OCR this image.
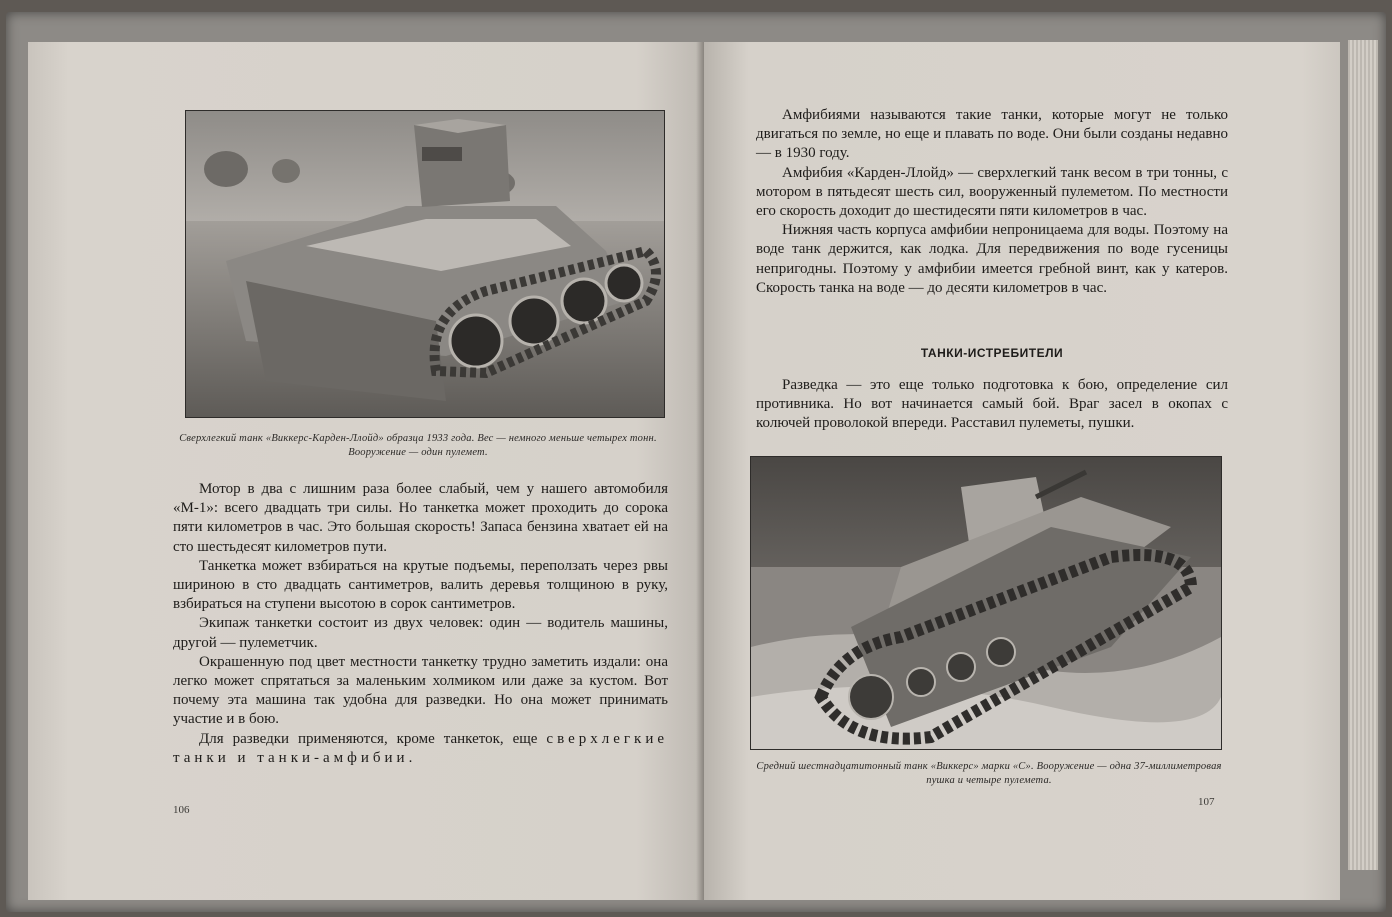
Сверхлегкий танк «Виккерс-Карден-Ллойд» образца 1933 года. Вес — немного меньше четырех тонн. Вооружение — один пулемет.

Мотор в два с лишним раза более слабый, чем у нашего автомобиля «М-1»: всего двадцать три силы. Но танкетка может проходить до сорока пяти километров в час. Это большая скорость! Запаса бензина хватает ей на сто шестьдесят километров пути.

Танкетка может взбираться на крутые подъемы, переползать через рвы шириною в сто двадцать сантиметров, валить деревья толщиною в руку, взбираться на ступени высотою в сорок сантиметров.

Экипаж танкетки состоит из двух человек: один — водитель машины, другой — пулеметчик.

Окрашенную под цвет местности танкетку трудно заметить издали: она легко может спрятаться за маленьким холмиком или даже за кустом. Вот почему эта машина так удобна для разведки. Но она может принимать участие и в бою.

Для разведки применяются, кроме танкеток, еще сверхлегкие танки и танки-амфибии.

106

Амфибиями называются такие танки, которые могут не только двигаться по земле, но еще и плавать по воде. Они были созданы недавно — в 1930 году.

Амфибия «Карден-Ллойд» — сверхлегкий танк весом в три тонны, с мотором в пятьдесят шесть сил, вооруженный пулеметом. По местности его скорость доходит до шестидесяти пяти километров в час.

Нижняя часть корпуса амфибии непроницаема для воды. Поэтому на воде танк держится, как лодка. Для передвижения по воде гусеницы непригодны. Поэтому у амфибии имеется гребной винт, как у катеров. Скорость танка на воде — до десяти километров в час.

ТАНКИ-ИСТРЕБИТЕЛИ

Разведка — это еще только подготовка к бою, определение сил противника. Но вот начинается самый бой. Враг засел в окопах с колючей проволокой впереди. Расставил пулеметы, пушки.

Средний шестнадцатитонный танк «Виккерс» марки «С». Вооружение — одна 37-миллиметровая пушка и четыре пулемета.
107
